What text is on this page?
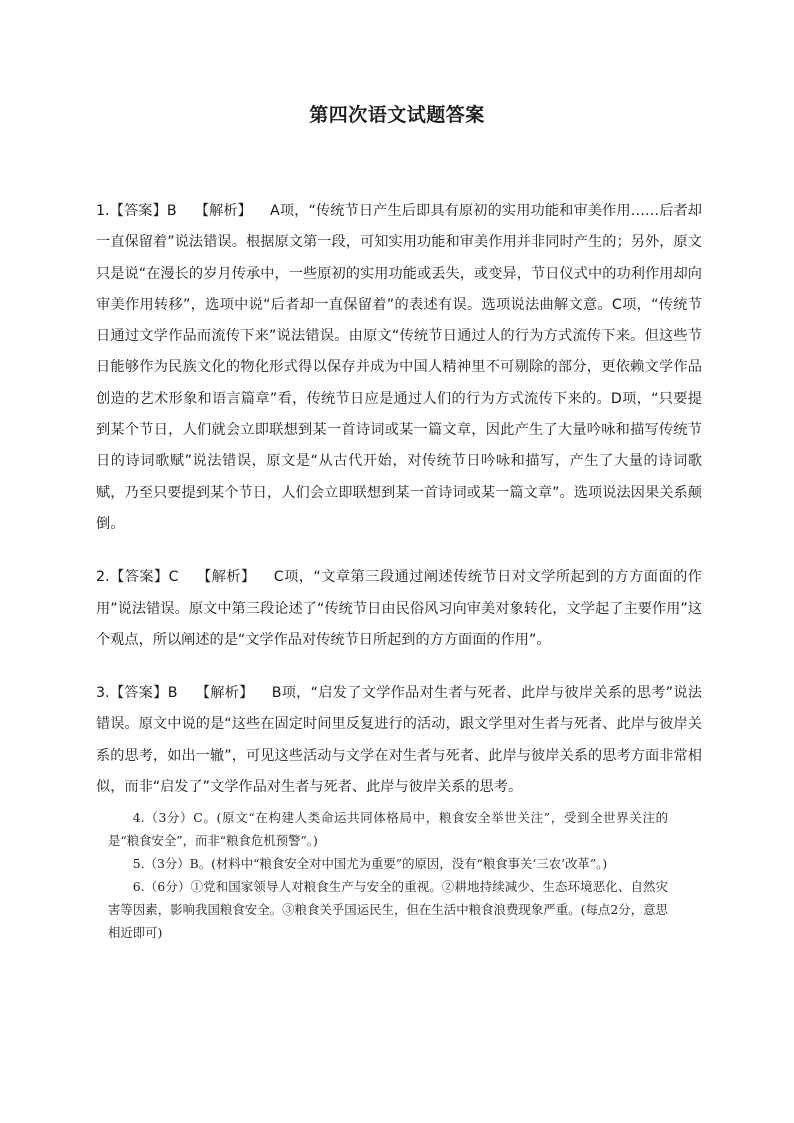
第四次语文试题答案

1.【答案】B 【解析】 A项，“传统节日产生后即具有原初的实用功能和审美作用……后者却一直保留着”说法错误。根据原文第一段，可知实用功能和审美作用并非同时产生的；另外，原文只是说“在漫长的岁月传承中，一些原初的实用功能或丢失，或变异，节日仪式中的功利作用却向审美作用转移”，选项中说“后者却一直保留着”的表述有误。选项说法曲解文意。C项，“传统节日通过文学作品而流传下来”说法错误。由原文“传统节日通过人的行为方式流传下来。但这些节日能够作为民族文化的物化形式得以保存并成为中国人精神里不可剔除的部分，更依赖文学作品创造的艺术形象和语言篇章”看，传统节日应是通过人们的行为方式流传下来的。D项，“只要提到某个节日，人们就会立即联想到某一首诗词或某一篇文章，因此产生了大量吟咏和描写传统节日的诗词歌赋”说法错误，原文是“从古代开始，对传统节日吟咏和描写，产生了大量的诗词歌赋，乃至只要提到某个节日，人们会立即联想到某一首诗词或某一篇文章”。选项说法因果关系颠倒。

2.【答案】C 【解析】 C项，“文章第三段通过阐述传统节日对文学所起到的方方面面的作用”说法错误。原文中第三段论述了“传统节日由民俗风习向审美对象转化，文学起了主要作用”这个观点，所以阐述的是“文学作品对传统节日所起到的方方面面的作用”。

3.【答案】B 【解析】 B项，“启发了文学作品对生者与死者、此岸与彼岸关系的思考”说法错误。原文中说的是“这些在固定时间里反复进行的活动，跟文学里对生者与死者、此岸与彼岸关系的思考，如出一辙”，可见这些活动与文学在对生者与死者、此岸与彼岸关系的思考方面非常相似，而非“启发了”文学作品对生者与死者、此岸与彼岸关系的思考。

4.（3分）C。(原文“在构建人类命运共同体格局中，粮食安全举世关注”，受到全世界关注的是“粮食安全”，而非“粮食危机预警”。)

5.（3分）B。(材料中“粮食安全对中国尤为重要”的原因，没有“粮食事关‘三农’改革”。)

6.（6分）①党和国家领导人对粮食生产与安全的重视。②耕地持续减少、生态环境恶化、自然灾害等因素，影响我国粮食安全。③粮食关乎国运民生，但在生活中粮食浪费现象严重。(每点2分，意思相近即可)
